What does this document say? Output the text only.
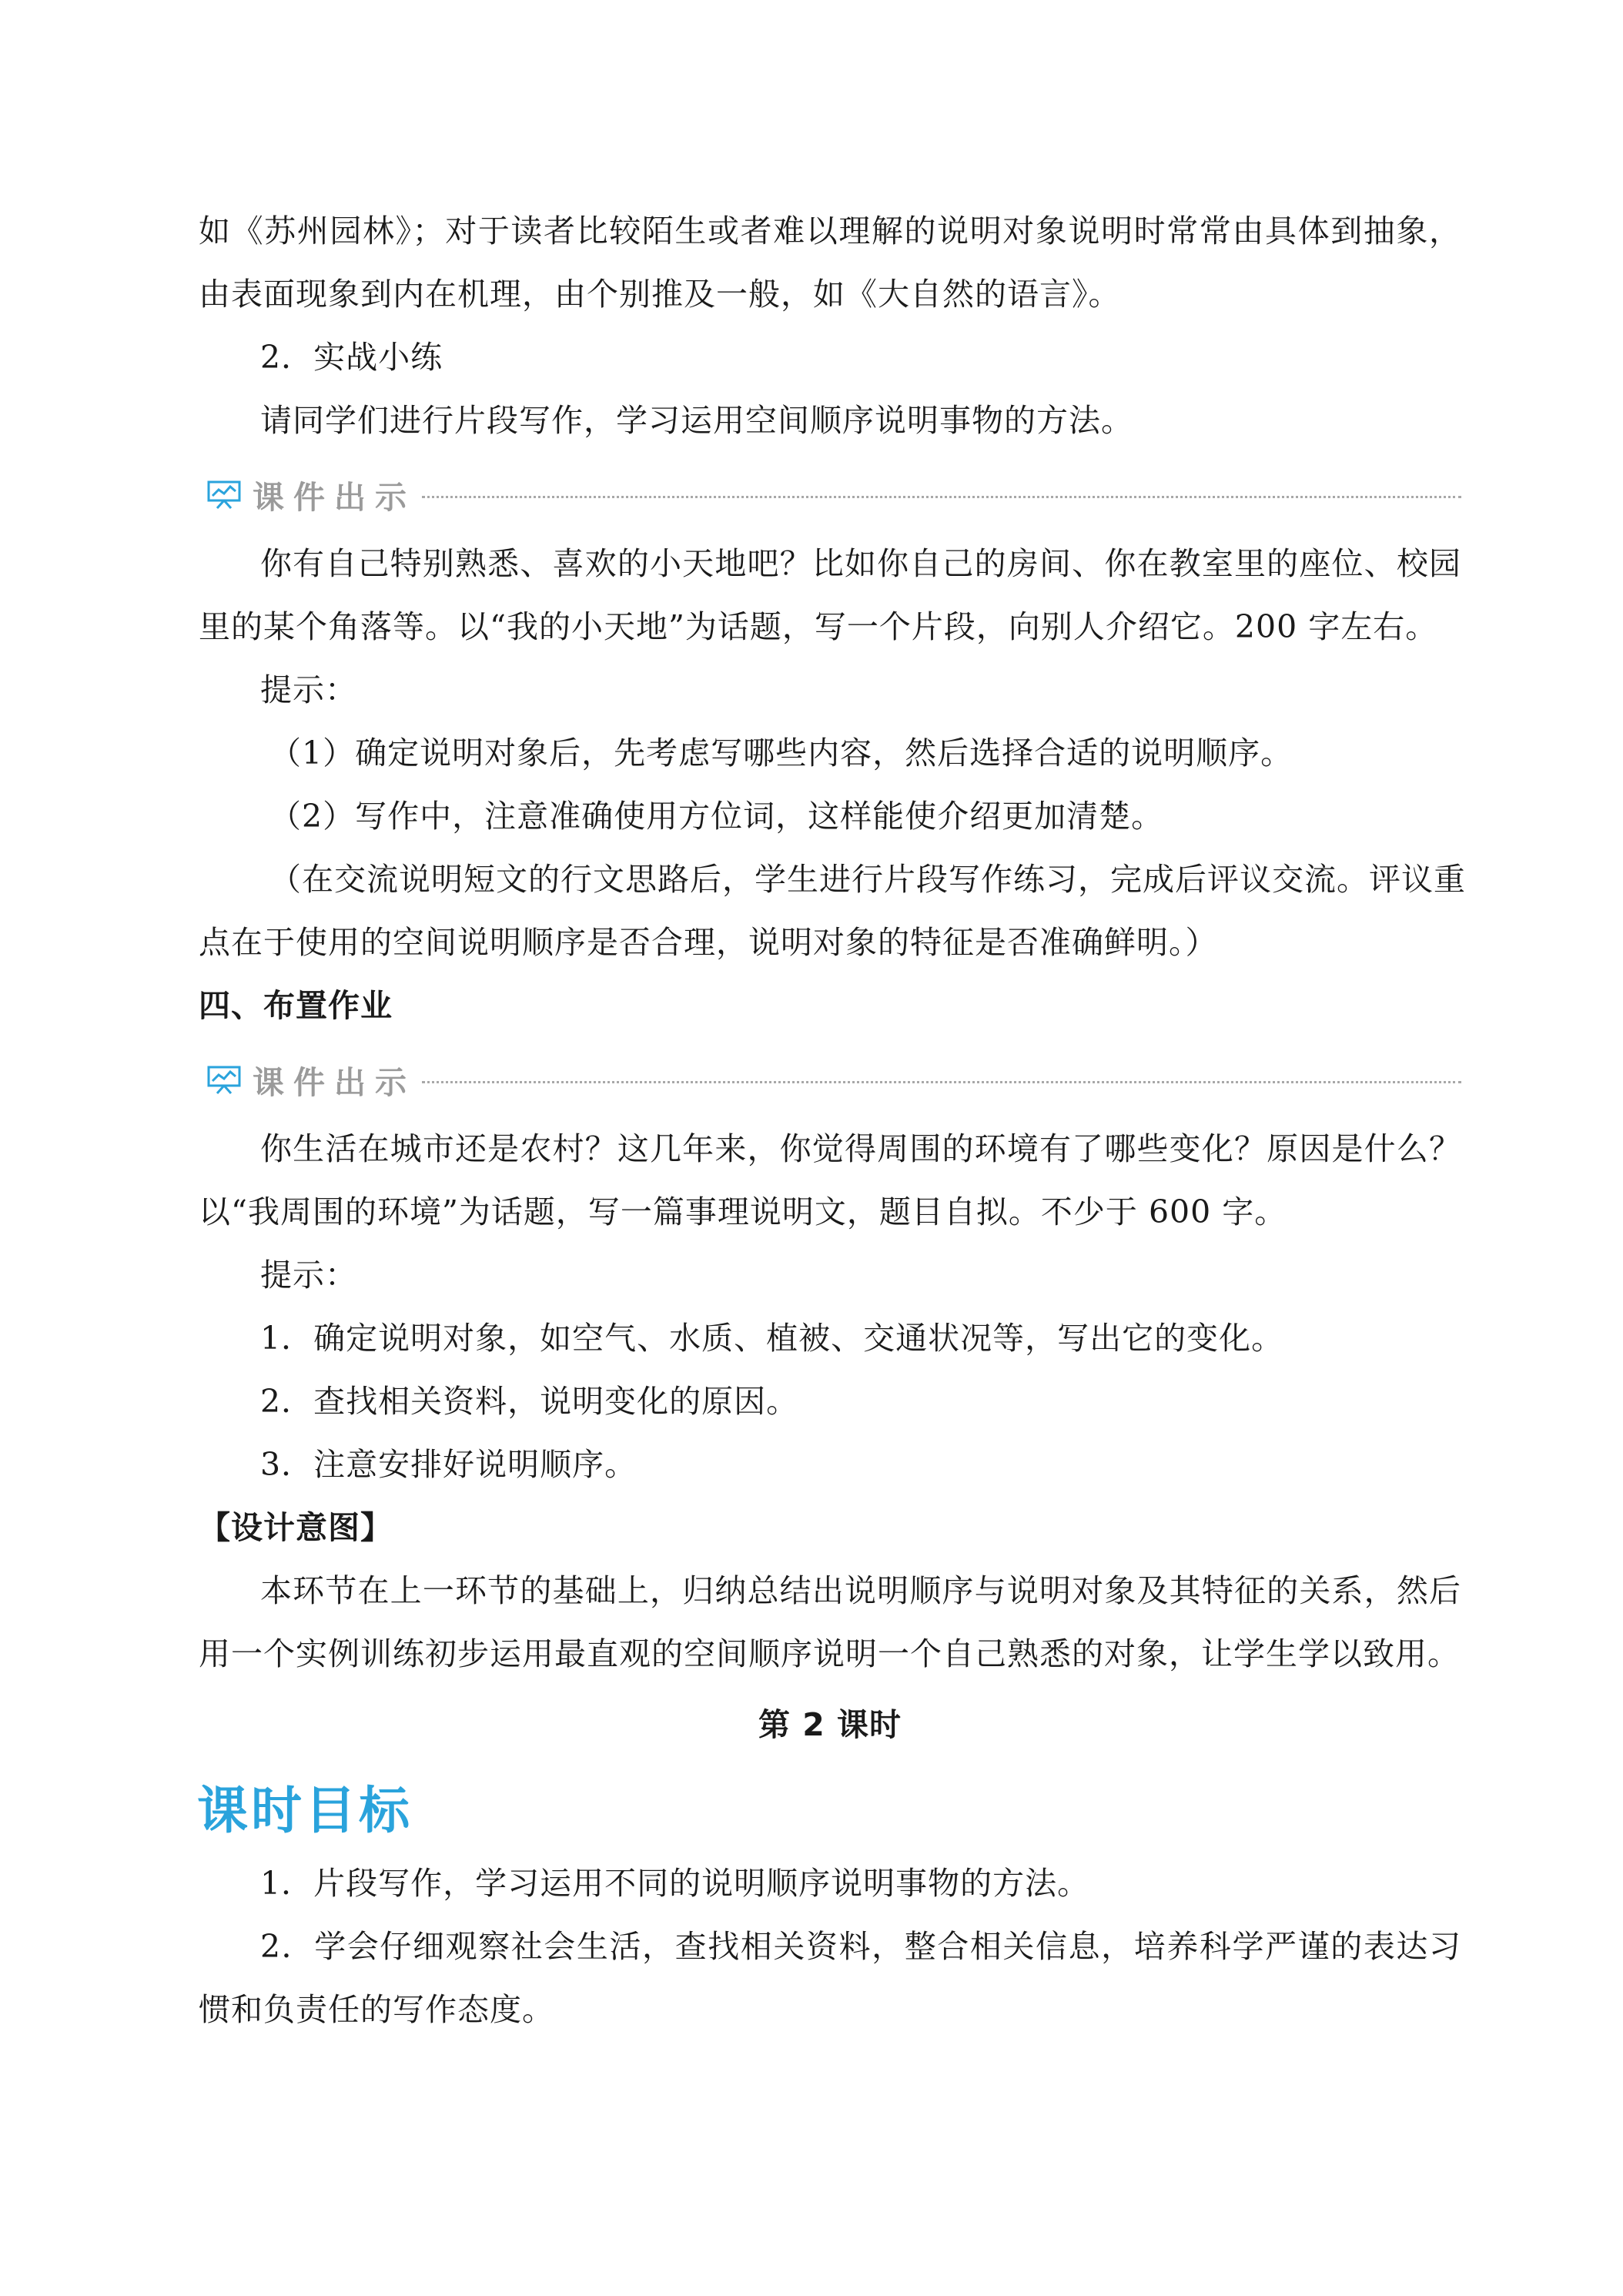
如《苏州园林》；对于读者比较陌生或者难以理解的说明对象说明时常常由具体到抽象，
由表面现象到内在机理，由个别推及一般，如《大自然的语言》。
2．实战小练
请同学们进行片段写作，学习运用空间顺序说明事物的方法。
课件出示
你有自己特别熟悉、喜欢的小天地吧？比如你自己的房间、你在教室里的座位、校园
里的某个角落等。以“我的小天地”为话题，写一个片段，向别人介绍它。200 字左右。
提示：
（1）确定说明对象后，先考虑写哪些内容，然后选择合适的说明顺序。
（2）写作中，注意准确使用方位词，这样能使介绍更加清楚。
（在交流说明短文的行文思路后，学生进行片段写作练习，完成后评议交流。评议重
点在于使用的空间说明顺序是否合理，说明对象的特征是否准确鲜明。）
四、布置作业
课件出示
你生活在城市还是农村？这几年来，你觉得周围的环境有了哪些变化？原因是什么？
以“我周围的环境”为话题，写一篇事理说明文，题目自拟。不少于 600 字。
提示：
1．确定说明对象，如空气、水质、植被、交通状况等，写出它的变化。
2．查找相关资料，说明变化的原因。
3．注意安排好说明顺序。
【设计意图】
本环节在上一环节的基础上，归纳总结出说明顺序与说明对象及其特征的关系，然后
用一个实例训练初步运用最直观的空间顺序说明一个自己熟悉的对象，让学生学以致用。
第 2 课时
课时目标
1．片段写作，学习运用不同的说明顺序说明事物的方法。
2．学会仔细观察社会生活，查找相关资料，整合相关信息，培养科学严谨的表达习
惯和负责任的写作态度。
